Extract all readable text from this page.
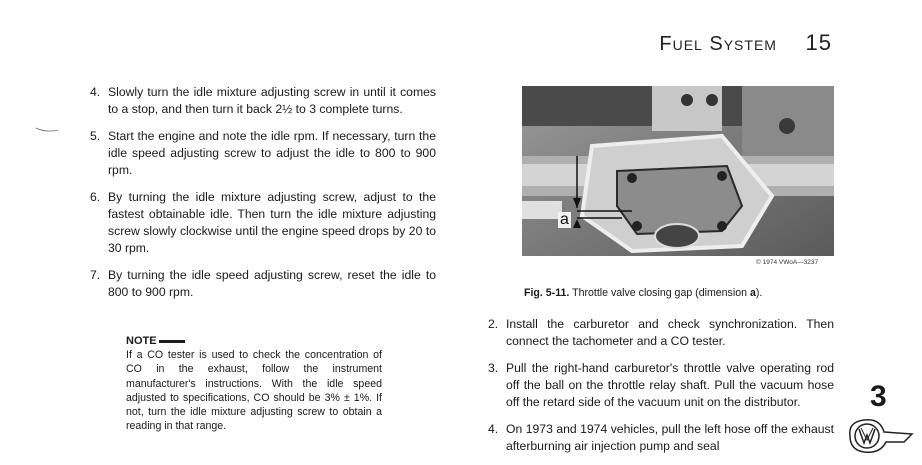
Fuel System 15
4. Slowly turn the idle mixture adjusting screw in until it comes to a stop, and then turn it back 2½ to 3 complete turns.
5. Start the engine and note the idle rpm. If necessary, turn the idle speed adjusting screw to adjust the idle to 800 to 900 rpm.
6. By turning the idle mixture adjusting screw, adjust to the fastest obtainable idle. Then turn the idle mixture adjusting screw slowly clockwise until the engine speed drops by 20 to 30 rpm.
7. By turning the idle speed adjusting screw, reset the idle to 800 to 900 rpm.
NOTE
If a CO tester is used to check the concentration of CO in the exhaust, follow the instrument manufacturer's instructions. With the idle speed adjusted to specifications, CO should be 3% ± 1%. If not, turn the idle mixture adjusting screw to obtain a reading in that range.
a
© 1974 VWoA—3237
Fig. 5-11. Throttle valve closing gap (dimension a).
2. Install the carburetor and check synchronization. Then connect the tachometer and a CO tester.
3. Pull the right-hand carburetor's throttle valve operating rod off the ball on the throttle relay shaft. Pull the vacuum hose off the retard side of the vacuum unit on the distributor.
4. On 1973 and 1974 vehicles, pull the left hose off the exhaust afterburning air injection pump and seal
3
